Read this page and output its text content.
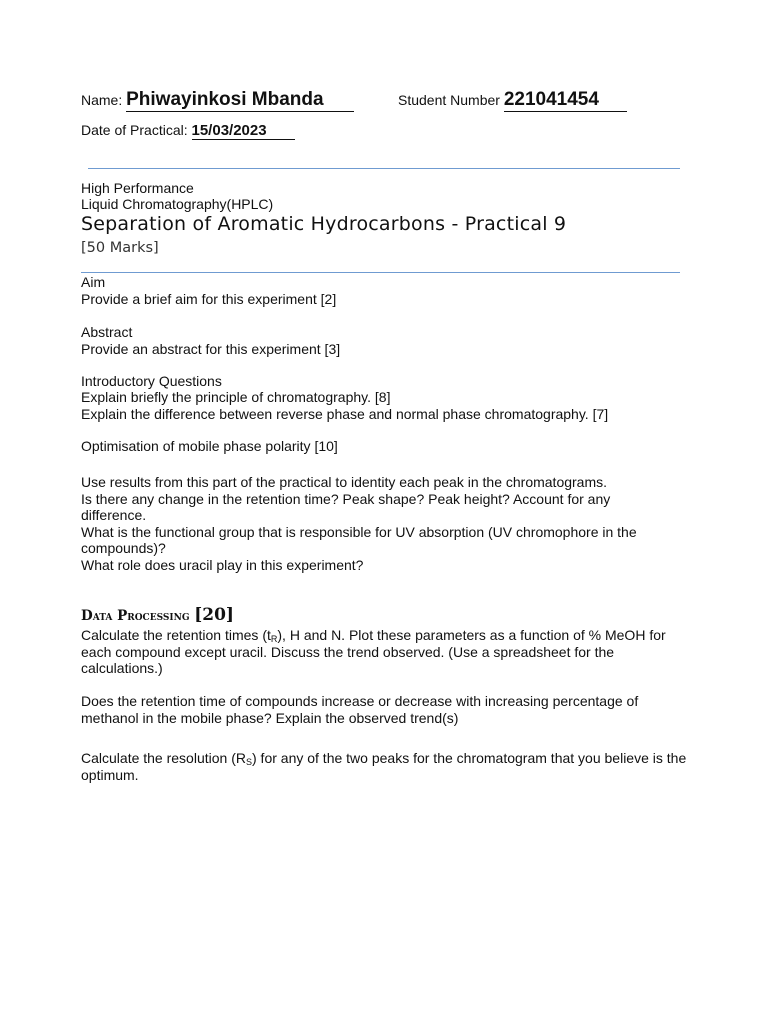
Name: Phiwayinkosi Mbanda	Student Number 221041454
Date of Practical: 15/03/2023
High Performance
Liquid Chromatography(HPLC)
Separation of Aromatic Hydrocarbons - Practical 9
[50 Marks]
Aim
Provide a brief aim for this experiment [2]
Abstract
Provide an abstract for this experiment [3]
Introductory Questions
Explain briefly the principle of chromatography. [8]
Explain the difference between reverse phase and normal phase chromatography. [7]
Optimisation of mobile phase polarity [10]
Use results from this part of the practical to identity each peak in the chromatograms.
Is there any change in the retention time? Peak shape? Peak height? Account for any
difference.
What is the functional group that is responsible for UV absorption (UV chromophore in the
compounds)?
What role does uracil play in this experiment?
Data Processing [20]
Calculate the retention times $(t_R)$, H and N. Plot these parameters as a function of % MeOH for
each compound except uracil. Discuss the trend observed. (Use a spreadsheet for the
calculations.)
Does the retention time of compounds increase or decrease with increasing percentage of
methanol in the mobile phase? Explain the observed trend(s)
Calculate the resolution $(R_S)$ for any of the two peaks for the chromatogram that you believe is the
optimum.
